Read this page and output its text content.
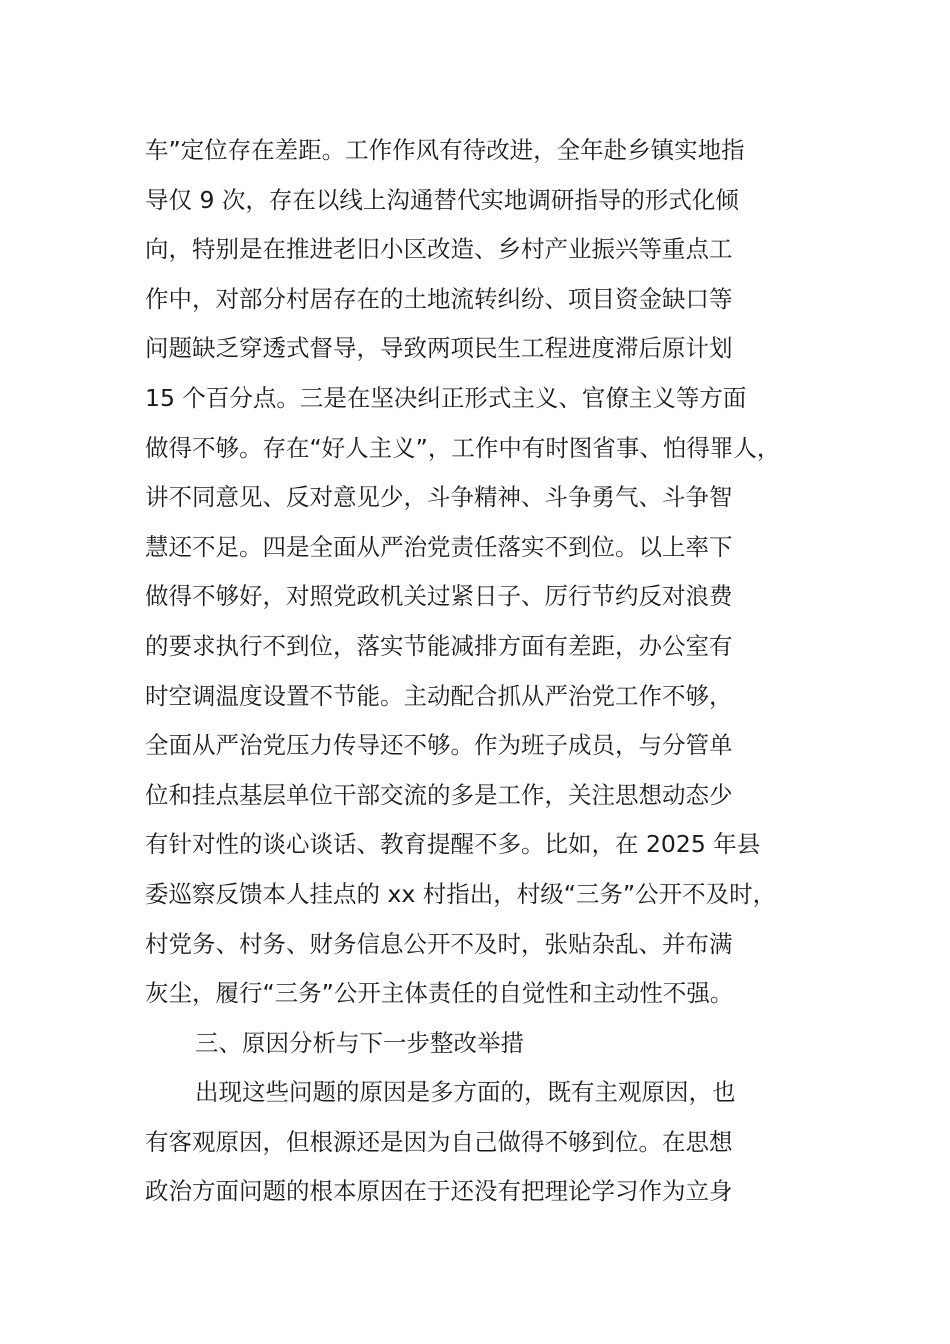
车”定位存在差距。工作作风有待改进，全年赴乡镇实地指
导仅 9 次，存在以线上沟通替代实地调研指导的形式化倾
向，特别是在推进老旧小区改造、乡村产业振兴等重点工
作中，对部分村居存在的土地流转纠纷、项目资金缺口等
问题缺乏穿透式督导，导致两项民生工程进度滞后原计划
15 个百分点。三是在坚决纠正形式主义、官僚主义等方面
做得不够。存在“好人主义”，工作中有时图省事、怕得罪人，
讲不同意见、反对意见少，斗争精神、斗争勇气、斗争智
慧还不足。四是全面从严治党责任落实不到位。以上率下
做得不够好，对照党政机关过紧日子、厉行节约反对浪费
的要求执行不到位，落实节能减排方面有差距，办公室有
时空调温度设置不节能。主动配合抓从严治党工作不够，
全面从严治党压力传导还不够。作为班子成员，与分管单
位和挂点基层单位干部交流的多是工作，关注思想动态少
有针对性的谈心谈话、教育提醒不多。比如，在 2025 年县
委巡察反馈本人挂点的 xx 村指出，村级“三务”公开不及时，
村党务、村务、财务信息公开不及时，张贴杂乱、并布满
灰尘，履行“三务”公开主体责任的自觉性和主动性不强。
三、原因分析与下一步整改举措
出现这些问题的原因是多方面的，既有主观原因，也
有客观原因，但根源还是因为自己做得不够到位。在思想
政治方面问题的根本原因在于还没有把理论学习作为立身
